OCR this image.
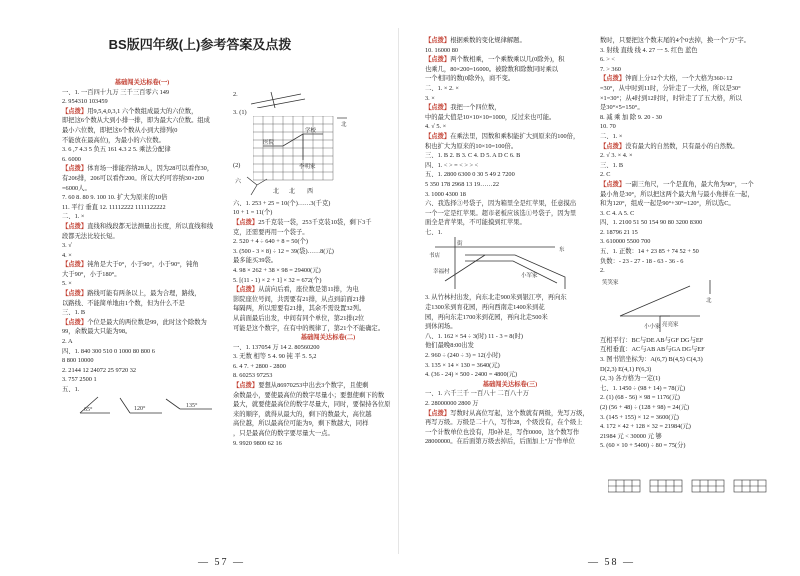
BS版四年级(上)参考答案及点拨
基础闯关达标卷(一)
一、1. 一百四十九万 三千三百零六 149
2. 954310 103459
【点拨】用9,5,4,0,3,1 六个数组成最大的六位数，
即把这6个数从大到小排一排，即为最大六位数。组成
最小六位数，即把这6个数从小到大排列(0
不能放在最高位)，为最小的六位数。
3. 6 ,7 4.3 5 负五 161 4.3 2 5. 乘法分配律
6. 6000
【点拨】体育场一排能容纳28人，因为28可以看作30，
有206排，206可以看作200。所以大约可容纳30×200
=6000人。
7. 60 8. 80 9. 100 10. 扩大为原来的10倍
11. 平行 垂直 12. 11112222 1111122222
二、1. ×
【点拨】直线和线段都无法测量出长度，所以直线和线
段都无法比较长短。
3. √
4. ×
【点拨】钝角是大于0°，小于90°，小于90°，钝角
大于90°，小于180°。
5. ×
【点拨】路线可能有两条以上，最为合理，路线，
以路线、不能简单地由1个数，但为什么不是
三、1. B
【点拨】个位是最大的两位数是99，此时这个除数为
99，余数最大只能为98。
2. A
四、1. 840 300 510 0 1000 80 800 6
8 800 10000
2. 2144 12 24072 25 9720 32
3. 757 2500 1
五、1.
65°	120°	135°
2.
3. (1)
医院
学校
李明家
北
(2)
六
北 北 西
六、1. 253 + 25 = 10(个)……3(千克)
10 + 1 = 11(个)
【点拨】25千克装一袋，253千克装10袋，剩下3千
克，还需要再用一个袋子。
2. 520 + 4 ÷ 640 + 8 = 50(个)
3. (500 - 3 × 8) ÷ 12 = 39(袋)……8(元)
最多能买39袋。
4. 98 × 262 + 38 × 98 = 29400(元)
5. [(11 - 1) × 2 + 1] × 32 = 672(个)
【点拨】从前向后看，座位数是第11排，为电
影院座位号间，共需要有21排，从点到前面21排
每隔两，所以需要有21排，其余不需设置32列。
从前面最后出发，中间有同个单位，第21排(2位
可能是这个数字，在有中的规律了，第21个不能确定。
基础闯关达标卷(二)
一、1. 137054 万 14 2. 80560200
3. 无数 相等 5 4. 90 钝 平 5. 5,2
6. 4 7. + 2800 - 2800
8. 60253 97253
【点拨】要想从86970253中出去3个数字，且使剩
余数最小，要使最高位的数字尽量小；要想使剩下的数
最大，就要使最高位的数字尽量大，同时，要保持各位原
来的顺序，就得从最大的，剩下的数最大，高位越
高位越，所以最高位可能为9，剩下数越大，同样
，只是最高位的数字要尽量大一点。
9. 9920 9800 62 16
【点拨】根据乘数的变化规律解题。
10. 16000 80
【点拨】两个数相乘，一个乘数乘以几(0除外)，积
也乘几，80×200=16000。被除数和除数同时乘以
一个相同的数(0除外)，商不变。
二、1. × 2. ×
3. ×
【点拨】我把一个四位数，
中的最大值是10×10×10=1000，反过来也可能。
4. √ 5. ×
【点拨】在乘法里，因数和乘积能扩大到原来的100倍，
积也扩大为原来的10×10=100倍。
三、1. B 2. B 3. C 4. D 5. A D C 6. B
四、1. < > = < > > <
五、1. 2800 6300 0 30 5 49 2 7200
5 350 178 2968 13 19……22
3. 1000 4300 18
六、我选择③号袋子，因为箱里全是红苹果，任意摸出
一个一定是红苹果。超市老板应该选①号袋子，因为里
面全是青苹果，不可能摸到红苹果。
七、1.
街
书店
东
幸福村
小军家
3. 从竹林村出发，向东北走900米到银江亭，再向东
走1300米到育花园，再向西南走1400米到花
园，再向东走1700米到花园，再向北走500米
到休闲场。
八、1. 162 × 54 ÷ 3(时) 11 - 3 = 8(时)
他们最晚8:00出发
2. 960 ÷ (240 ÷ 3) = 12(小时)
3. 135 × 14 × 130 = 3640(元)
4. (36 - 24) × 500 - 2400 = 4800(元)
基础闯关达标卷(三)
一、1. 六千三千 一百八十 二百八十万
2. 28000000 2800 万
【点拨】写数时从高位写起，这个数就有两级，先写万级，
再写万级。万级是二十八，写作28，个级没有，在个级上
一个计数单位也没有，用0补足，写作0000，这个数写作
28000000。在后面第万级去掉后，后面加上"万"作单位
数时，只要把这个数末尾的4个0去掉，换一个"万"字。
3. 射线 直线 线 4. 27 一 5. 红色 蓝色
6. > <
7. > 360
【点拨】钟面上分12个大格，一个大格为360÷12
=30°，从中时到11时，分针走了一大格，所以是30°
×1=30°；从4时到12时时，时针走了了五大格，所以
是30°×5=150°。
8. 减 乘 加 除 9. 20 - 30
10. 70
二、1. ×
【点拨】没有最大的自然数，只有最小的自然数。
2. √ 3. × 4. ×
三、1. B
2. C
【点拨】一副三角尺，一个是直角，最大角为90°，一个
最小角是30°，所以把这两个最大角与最小角拼在一起，
和为120°，组成一起是90°+30°=120°，所以选C。
3. C 4. A 5. C
四、1. 2100 51 50 154 90 80 3200 8300
2. 18796 21 15
3. 610000 5500 700
五、1. 正数：14 + 23 85 + 74 52 + 50
负数：- 23 - 27 - 18 - 63 - 36 - 6
2.
笑笑家
小小家 亮亮家
北
互相平行：BC与DE AB与GF DG与EF
互相垂直：AC与AB AB与GA DG与EF
3. 图书馆坐标为：A(6,7) B(4,5) C(4,3)
D(2,3) E(4,1) F(6,3)
(2, 3) 各方格为一定(1)
七、1. 1450 ÷ (98 + 14) = 78(元)
2. (1) (68 - 56) × 98 = 1176(元)
(2) (56 + 48) ÷ (128 + 98) = 24(元)
3. (145 + 155) × 12 = 3600(元)
4. 172 × 42 + 128 × 32 = 21984(元)
21984 元 < 30000 元 够
5. (60 × 10 + 5400) ÷ 80 = 75(分)
— 57 —	— 58 —
